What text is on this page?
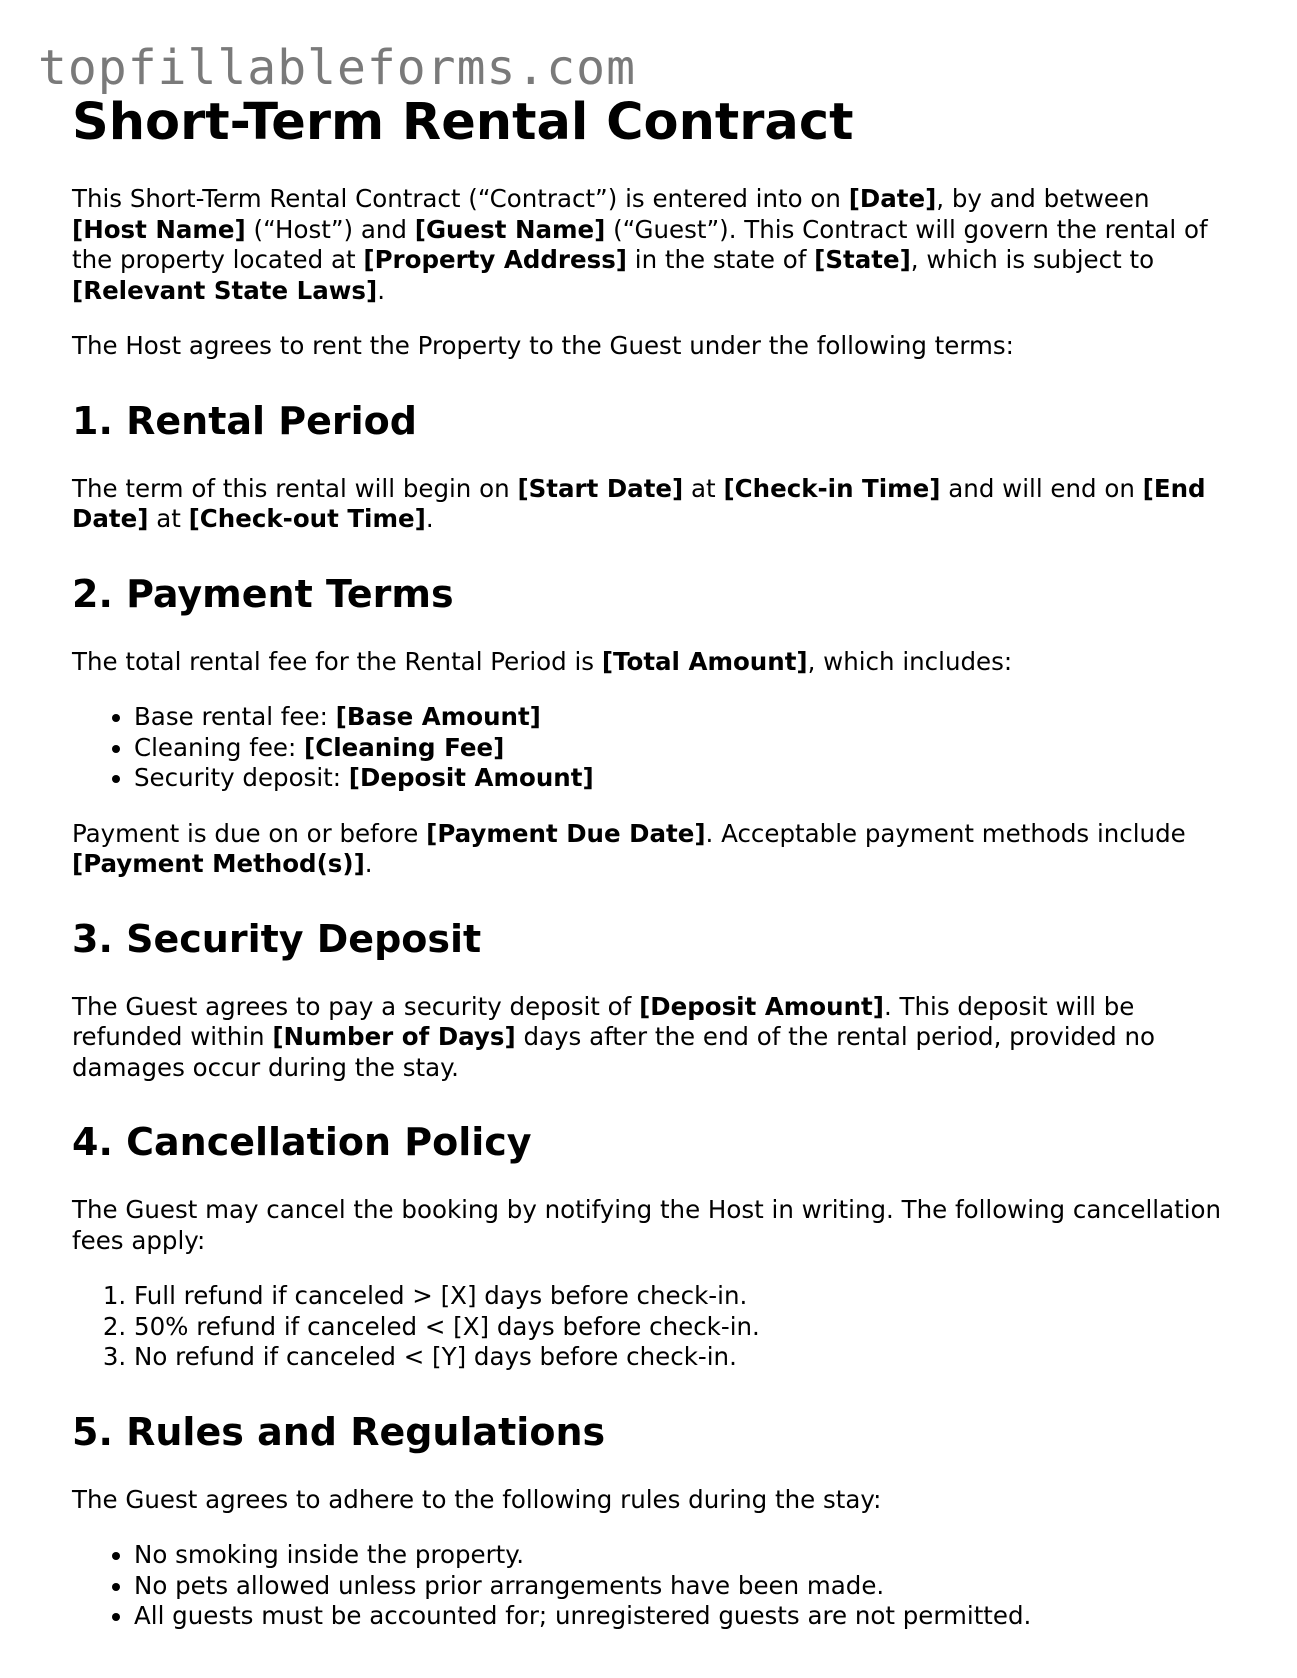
topfillableforms.com
Short-Term Rental Contract

This Short-Term Rental Contract (“Contract”) is entered into on [Date], by and between [Host Name] (“Host”) and [Guest Name] (“Guest”). This Contract will govern the rental of the property located at [Property Address] in the state of [State], which is subject to [Relevant State Laws].

The Host agrees to rent the Property to the Guest under the following terms:

1. Rental Period

The term of this rental will begin on [Start Date] at [Check-in Time] and will end on [End Date] at [Check-out Time].

2. Payment Terms

The total rental fee for the Rental Period is [Total Amount], which includes:

• Base rental fee: [Base Amount]
• Cleaning fee: [Cleaning Fee]
• Security deposit: [Deposit Amount]

Payment is due on or before [Payment Due Date]. Acceptable payment methods include [Payment Method(s)].

3. Security Deposit

The Guest agrees to pay a security deposit of [Deposit Amount]. This deposit will be refunded within [Number of Days] days after the end of the rental period, provided no damages occur during the stay.

4. Cancellation Policy

The Guest may cancel the booking by notifying the Host in writing. The following cancellation fees apply:

1. Full refund if canceled > [X] days before check-in.
2. 50% refund if canceled < [X] days before check-in.
3. No refund if canceled < [Y] days before check-in.
5. Rules and Regulations

The Guest agrees to adhere to the following rules during the stay:

• No smoking inside the property.
• No pets allowed unless prior arrangements have been made.
• All guests must be accounted for; unregistered guests are not permitted.
